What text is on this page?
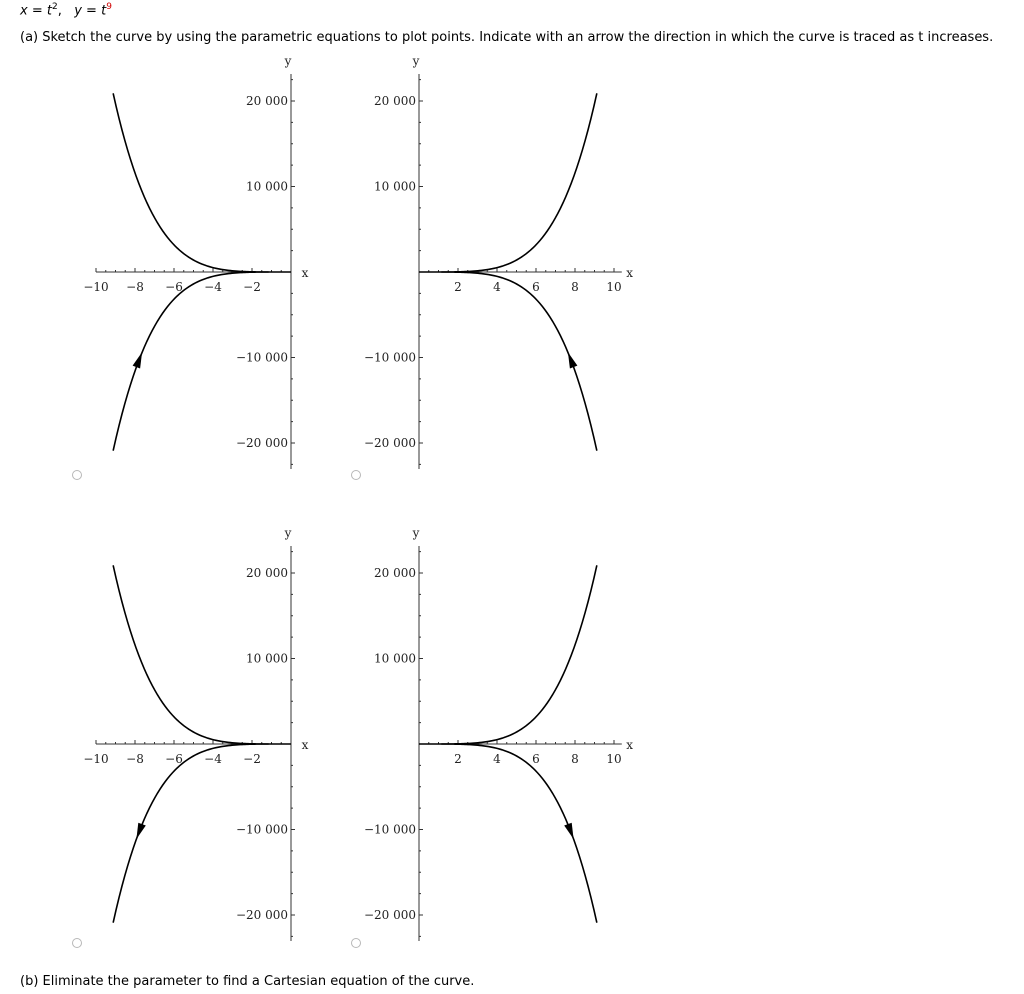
$x = t^2$, $y = t^9$
(a) Sketch the curve by using the parametric equations to plot points. Indicate with an arrow the direction in which the curve is traced as t increases.
y
x
20 000
10 000
−10 000
−20 000
−10 −8 −6 −4 −2
y
x
20 000
10 000
−10 000
−20 000
2	4	6	8 10
y
x
20 000
10 000
−10 000
−20 000
−10 −8 −6 −4 −2
y
x
20 000
10 000
−10 000
−20 000
2	4	6	8 10
(b) Eliminate the parameter to find a Cartesian equation of the curve.
